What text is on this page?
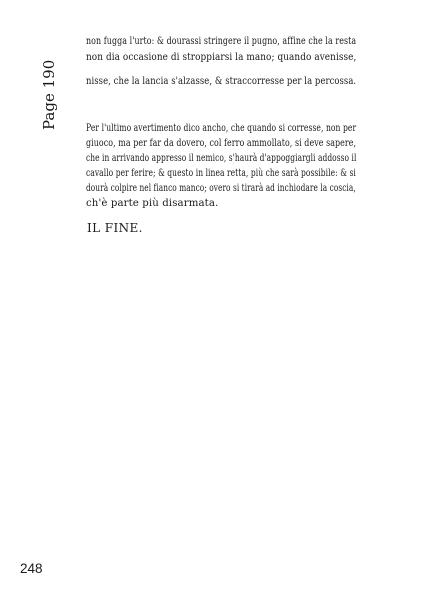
Page 190
non fugga l'urto: & dourassi stringere il pugno, affine che la resta
non dia occasione di stroppiarsi la mano; quando avenisse,
nisse, che la lancia s'alzasse, & straccorresse per la percossa.
Per l'ultimo avertimento dico ancho, che quando si corresse, non per
giuoco, ma per far da dovero, col ferro ammollato, si deve sapere,
che in arrivando appresso il nemico, s'haurà d'appoggiargli addosso il
cavallo per ferire; & questo in linea retta, più che sarà possibile: & si
dourà colpire nel fianco manco; overo si tirarà ad inchiodare la coscia,
ch'è parte più disarmata.
IL FINE.
248
